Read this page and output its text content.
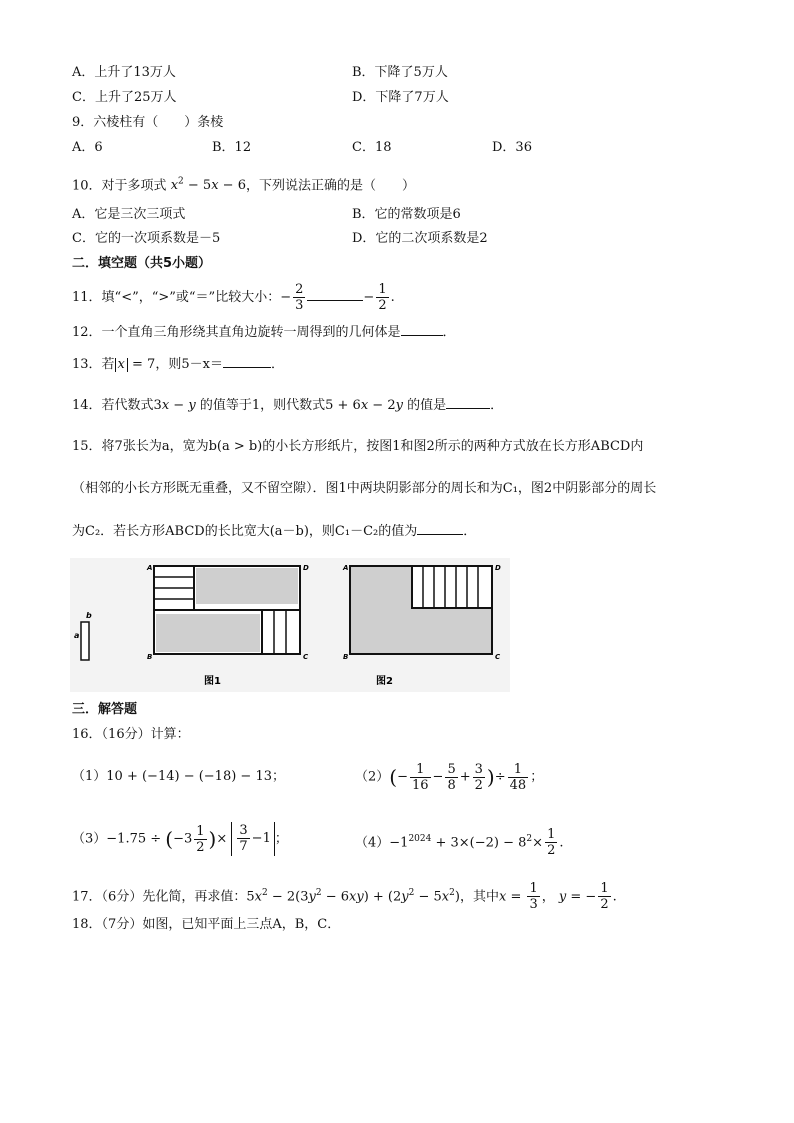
A．上升了13万人	B．下降了5万人
C．上升了25万人	D．下降了7万人
9．六棱柱有（　　）条棱
A．6	B．12	C．18	D．36
10．对于多项式 $x^2 - 5x - 6$，下列说法正确的是（　　）
A．它是三次三项式	B．它的常数项是6
C．它的一次项系数是－5	D．它的二次项系数是2
二．填空题（共5小题）
11．填“<”，“>”或“＝”比较大小：− $\frac{2}{3}$	− $\frac{1}{2}$ .
12．一个直角三角形绕其直角边旋转一周得到的几何体是	．
13．若 x = 7，则5－x＝	．
14．若代数式3x − y 的值等于1，则代数式5 + 6x − 2y 的值是	．
15．将7张长为a，宽为b(a > b)的小长方形纸片，按图1和图2所示的两种方式放在长方形ABCD内
（相邻的小长方形既无重叠，又不留空隙）．图1中两块阴影部分的周长和为C₁，图2中阴影部分的周长
为C₂．若长方形ABCD的长比宽大(a－b)，则C₁－C₂的值为	．
b
a
A	D
B	C
A	D
B	C
图1	图2
三．解答题
16．（16分）计算：
（1）10 + (−14) − (−18) − 13；	$(2)(- \frac{1}{16} - \frac{5}{8} + \frac{3}{2}$ )÷ $\frac{1}{48}$ ；
$(3)-1.75 \div (-3 \frac{1}{2}$ )× $\frac{3}{7} -1$ ；	$(4)-1^{2024} + 3\times(-2) - 8^2\times \frac{1}{2}$ .
17．（6分）先化简，再求值：$5x^2 - 2(3y^2 - 6xy) + (2y^2 - 5x^2)$，其中$x = \frac{1}{3}$ ， y = − $\frac{1}{2}$ .
18．（7分）如图，已知平面上三点A，B，C．
